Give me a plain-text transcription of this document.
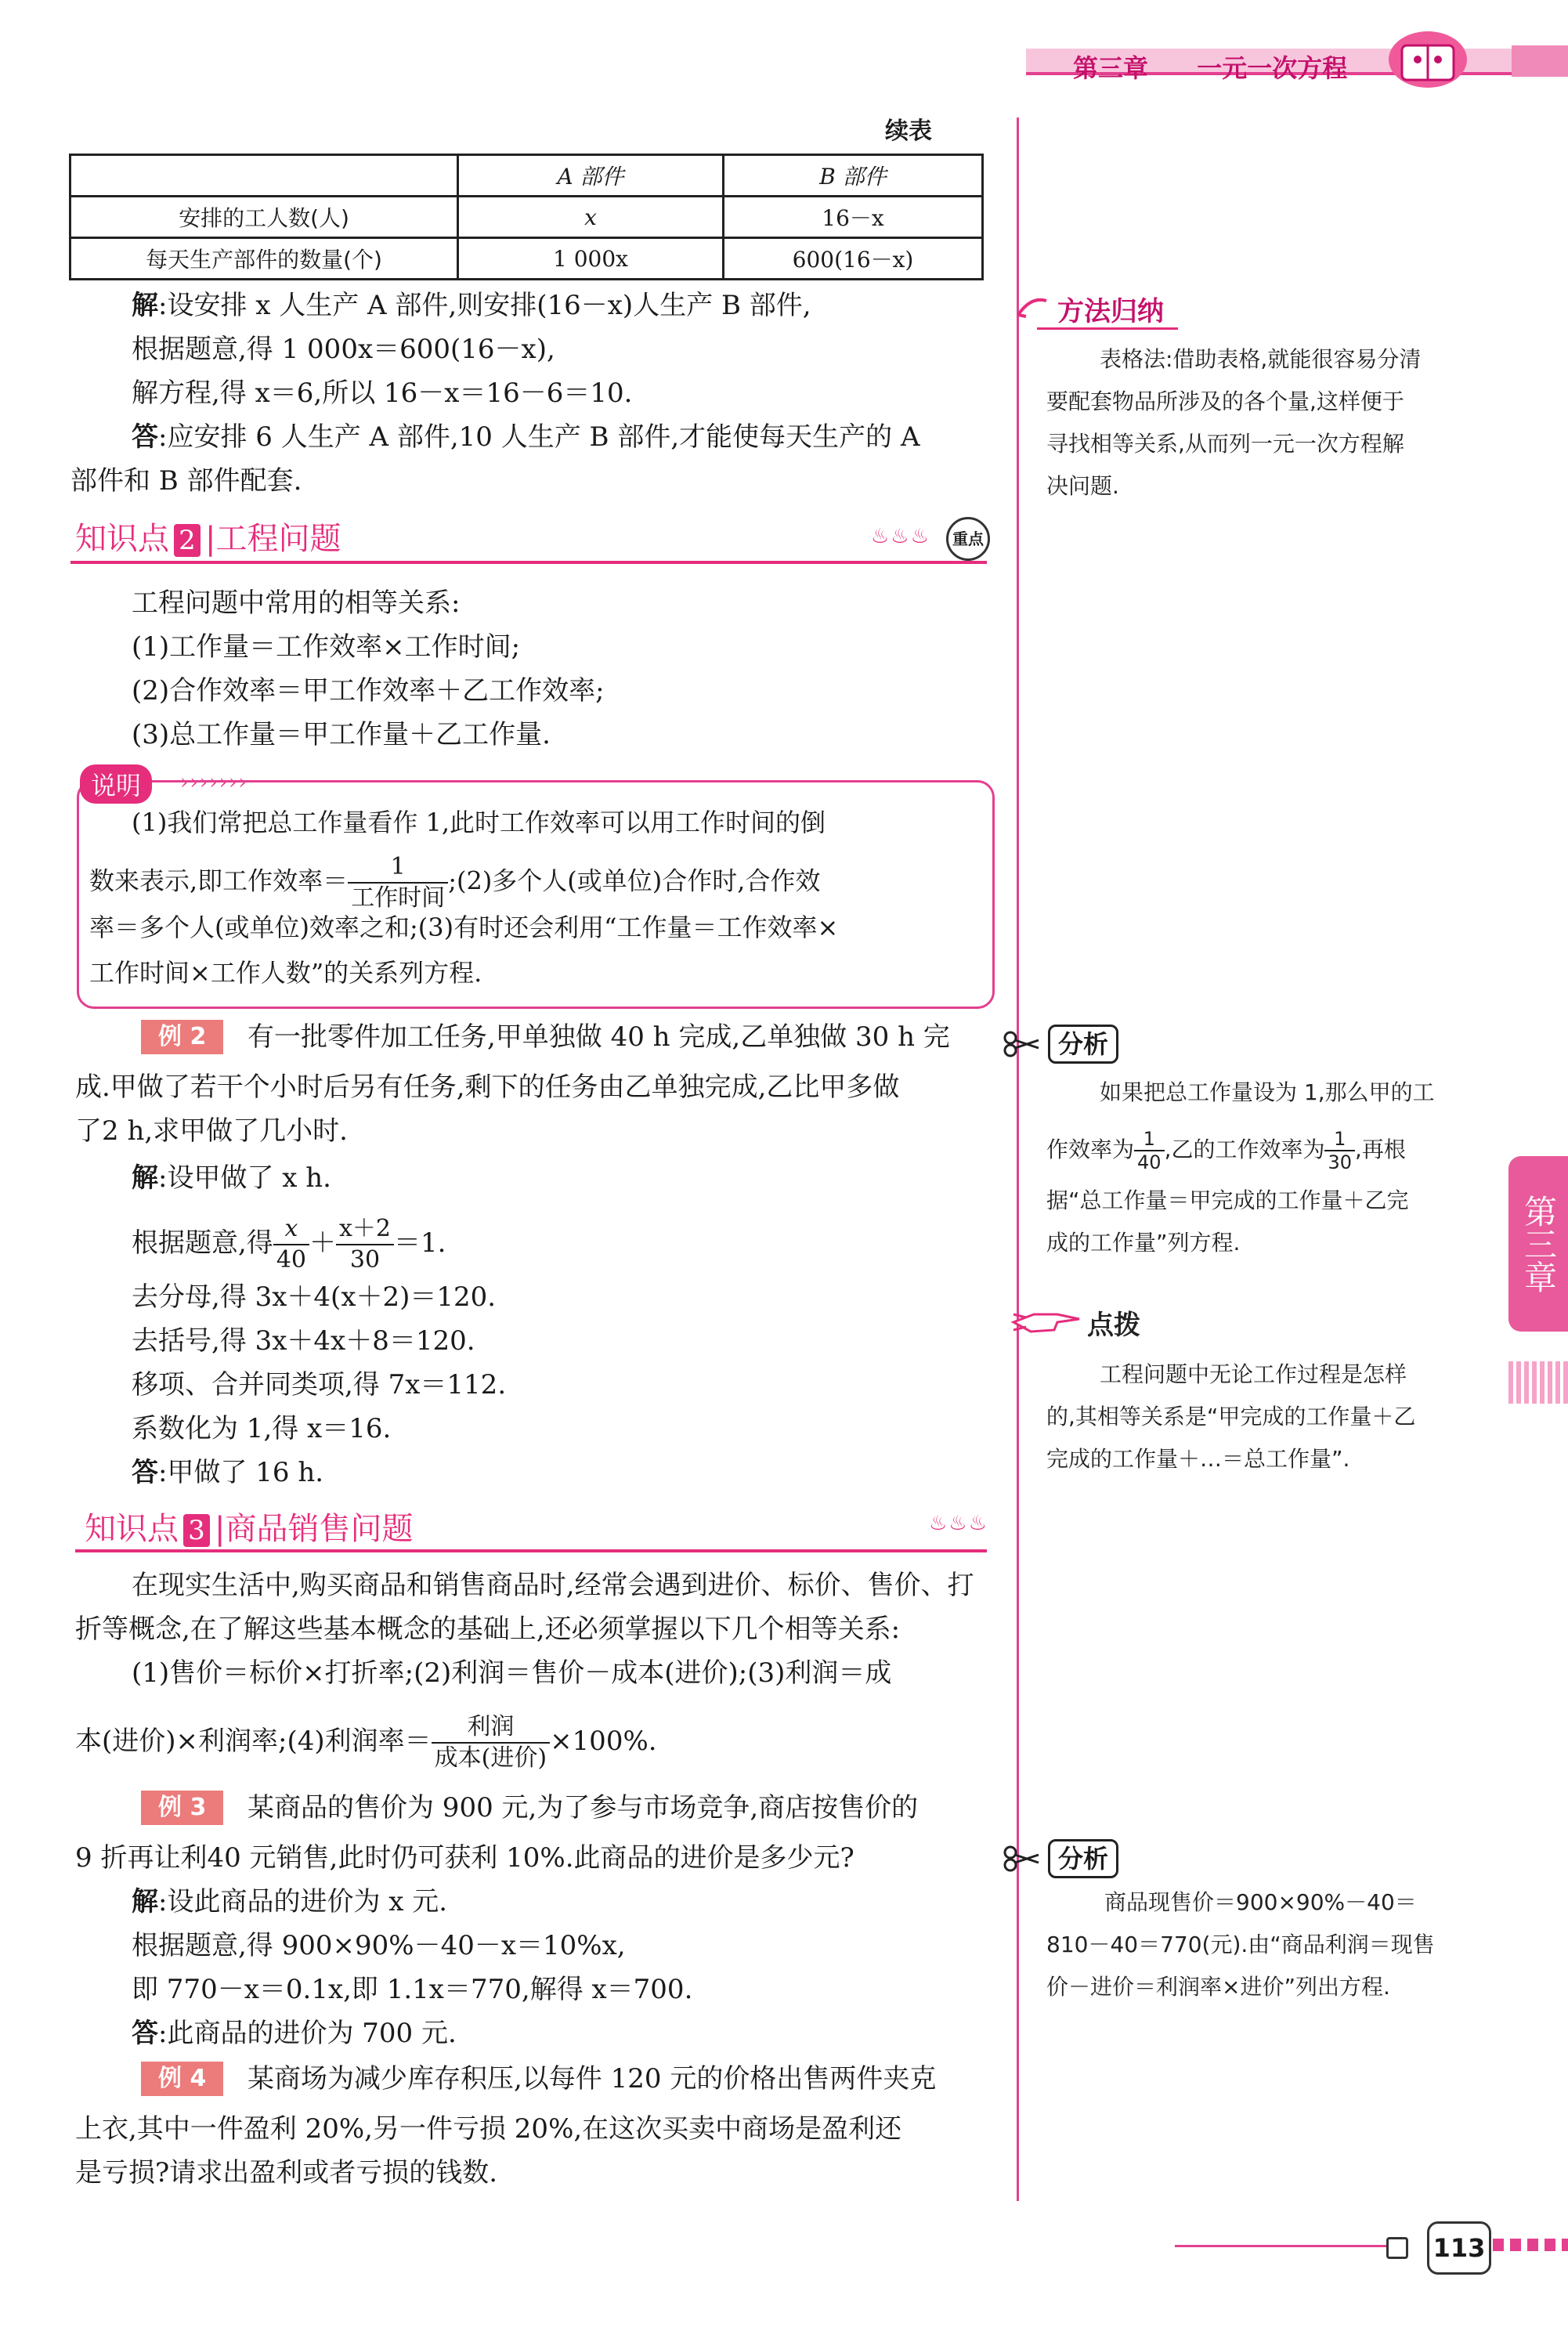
第三章 一元一次方程
续表
	A 部件	B 部件
安排的工人数(人)	x	16－x
每天生产部件的数量(个)	1 000x	600(16－x)
解:设安排 x 人生产 A 部件,则安排(16－x)人生产 B 部件,
根据题意,得 1 000x＝600(16－x),
解方程,得 x＝6,所以 16－x＝16－6＝10.
答:应安排 6 人生产 A 部件,10 人生产 B 部件,才能使每天生产的 A
部件和 B 部件配套.
知识点 2 |工程问题	♨♨♨	重点
工程问题中常用的相等关系:
(1)工作量＝工作效率×工作时间;
(2)合作效率＝甲工作效率＋乙工作效率;
(3)总工作量＝甲工作量＋乙工作量.
说明	›››››››
(1)我们常把总工作量看作 1,此时工作效率可以用工作时间的倒
数来表示,即工作效率＝ $\frac{1}{\text{工作时间}}$ ;(2)多个人(或单位)合作时,合作效
率＝多个人(或单位)效率之和;(3)有时还会利用“工作量＝工作效率×
工作时间×工作人数”的关系列方程.
例 2	有一批零件加工任务,甲单独做 40 h 完成,乙单独做 30 h 完
成.甲做了若干个小时后另有任务,剩下的任务由乙单独完成,乙比甲多做
了2 h,求甲做了几小时.
解:设甲做了 x h.
根据题意,得 $\frac{x}{40} + \frac{x+2}{30} =1$.
去分母,得 3x＋4(x＋2)＝120.
去括号,得 3x＋4x＋8＝120.
移项、合并同类项,得 7x＝112.
系数化为 1,得 x＝16.
答:甲做了 16 h.
知识点 3 |商品销售问题	♨♨♨
在现实生活中,购买商品和销售商品时,经常会遇到进价、标价、售价、打
折等概念,在了解这些基本概念的基础上,还必须掌握以下几个相等关系:
(1)售价＝标价×打折率;(2)利润＝售价－成本(进价);(3)利润＝成
本(进价)×利润率;(4)利润率＝ $\frac{\text{利润}}{\text{成本(进价)}} \times 100\%$.
例 3	某商品的售价为 900 元,为了参与市场竞争,商店按售价的
9 折再让利40 元销售,此时仍可获利 10%.此商品的进价是多少元?
解:设此商品的进价为 x 元.
根据题意,得 900×90%－40－x＝10%x,
即 770－x＝0.1x,即 1.1x＝770,解得 x＝700.
答:此商品的进价为 700 元.
例 4	某商场为减少库存积压,以每件 120 元的价格出售两件夹克
上衣,其中一件盈利 20%,另一件亏损 20%,在这次买卖中商场是盈利还
是亏损?请求出盈利或者亏损的钱数.
方法归纳
表格法:借助表格,就能很容易分清
要配套物品所涉及的各个量,这样便于
寻找相等关系,从而列一元一次方程解
决问题.
分析
如果把总工作量设为 1,那么甲的工
作效率为 $\frac{1}{40}$ ,乙的工作效率为 $\frac{1}{30}$ ,再根
据“总工作量＝甲完成的工作量＋乙完
成的工作量”列方程.	第三章
点拨
工程问题中无论工作过程是怎样
的,其相等关系是“甲完成的工作量＋乙
完成的工作量＋…＝总工作量”.
分析
商品现售价＝900×90%－40＝
810－40＝770(元).由“商品利润＝现售
价－进价＝利润率×进价”列出方程.
113
